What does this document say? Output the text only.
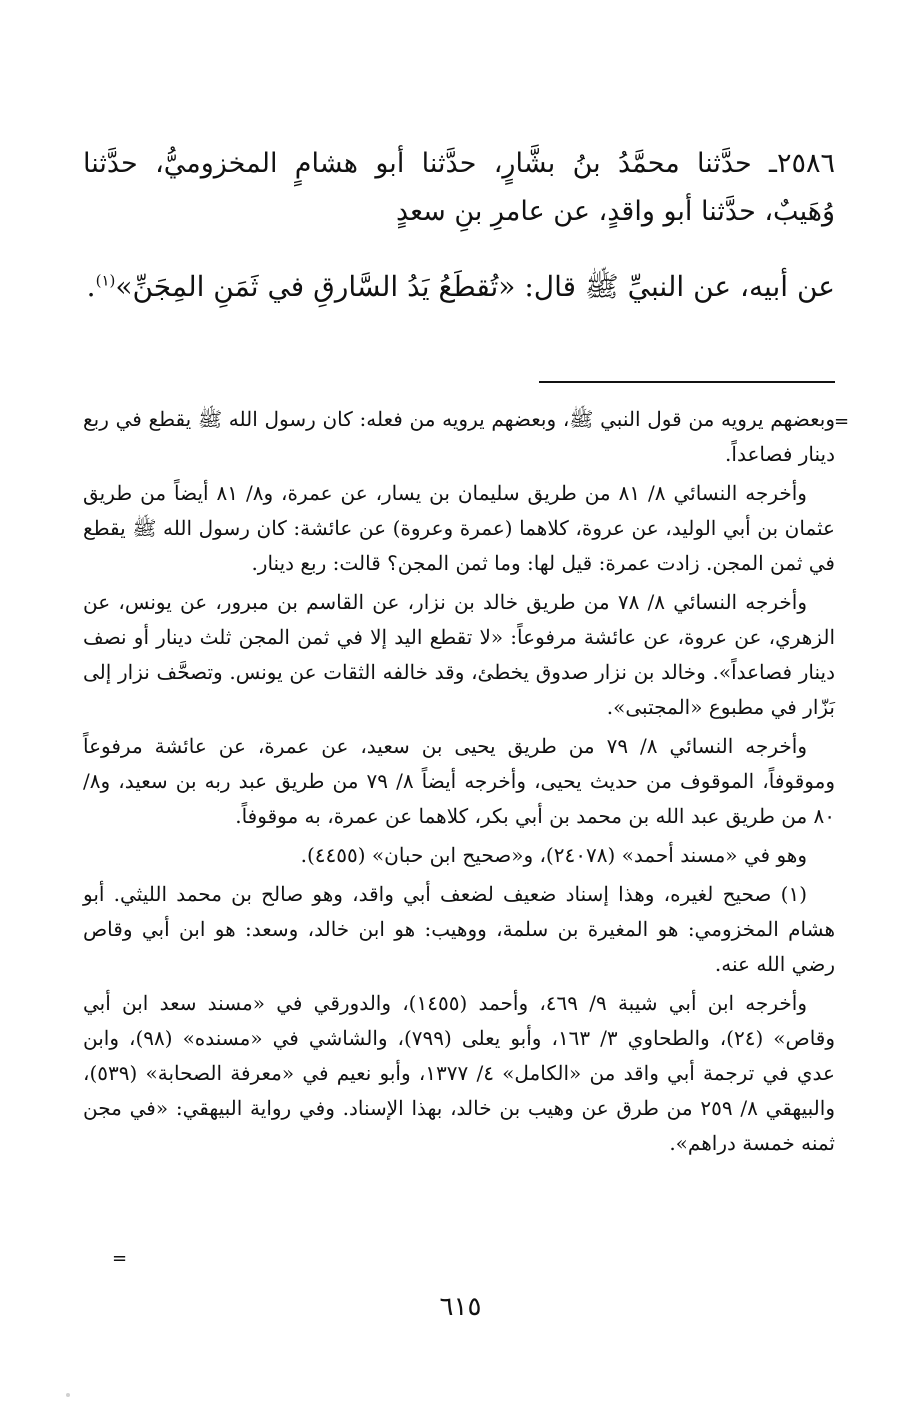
٢٥٨٦ـ حدَّثنا محمَّدُ بنُ بشَّارٍ، حدَّثنا أبو هشامٍ المخزوميُّ، حدَّثنا وُهَيبٌ، حدَّثنا أبو واقدٍ، عن عامرِ بنِ سعدٍ
عن أبيه، عن النبيِّ ﷺ قال: «تُقطَعُ يَدُ السَّارقِ في ثَمَنِ المِجَنِّ»$^{(١)}$.
=

وبعضهم يرويه من قول النبي ﷺ، وبعضهم يرويه من فعله: كان رسول الله ﷺ يقطع في ربع دينار فصاعداً.

وأخرجه النسائي ٨/ ٨١ من طريق سليمان بن يسار، عن عمرة، و٨/ ٨١ أيضاً من طريق عثمان بن أبي الوليد، عن عروة، كلاهما (عمرة وعروة) عن عائشة: كان رسول الله ﷺ يقطع في ثمن المجن. زادت عمرة: قيل لها: وما ثمن المجن؟ قالت: ربع دينار.

وأخرجه النسائي ٨/ ٧٨ من طريق خالد بن نزار، عن القاسم بن مبرور، عن يونس، عن الزهري، عن عروة، عن عائشة مرفوعاً: «لا تقطع اليد إلا في ثمن المجن ثلث دينار أو نصف دينار فصاعداً». وخالد بن نزار صدوق يخطئ، وقد خالفه الثقات عن يونس. وتصحَّف نزار إلى بَزّار في مطبوع «المجتبى».

وأخرجه النسائي ٨/ ٧٩ من طريق يحيى بن سعيد، عن عمرة، عن عائشة مرفوعاً وموقوفاً، الموقوف من حديث يحيى، وأخرجه أيضاً ٨/ ٧٩ من طريق عبد ربه بن سعيد، و٨/ ٨٠ من طريق عبد الله بن محمد بن أبي بكر، كلاهما عن عمرة، به موقوفاً.

وهو في «مسند أحمد» (٢٤٠٧٨)، و«صحيح ابن حبان» (٤٤٥٥).

(١) صحيح لغيره، وهذا إسناد ضعيف لضعف أبي واقد، وهو صالح بن محمد الليثي. أبو هشام المخزومي: هو المغيرة بن سلمة، ووهيب: هو ابن خالد، وسعد: هو ابن أبي وقاص رضي الله عنه.

وأخرجه ابن أبي شيبة ٩/ ٤٦٩، وأحمد (١٤٥٥)، والدورقي في «مسند سعد ابن أبي وقاص» (٢٤)، والطحاوي ٣/ ١٦٣، وأبو يعلى (٧٩٩)، والشاشي في «مسنده» (٩٨)، وابن عدي في ترجمة أبي واقد من «الكامل» ٤/ ١٣٧٧، وأبو نعيم في «معرفة الصحابة» (٥٣٩)، والبيهقي ٨/ ٢٥٩ من طرق عن وهيب بن خالد، بهذا الإسناد. وفي رواية البيهقي: «في مجن ثمنه خمسة دراهم».

=
٦١٥
